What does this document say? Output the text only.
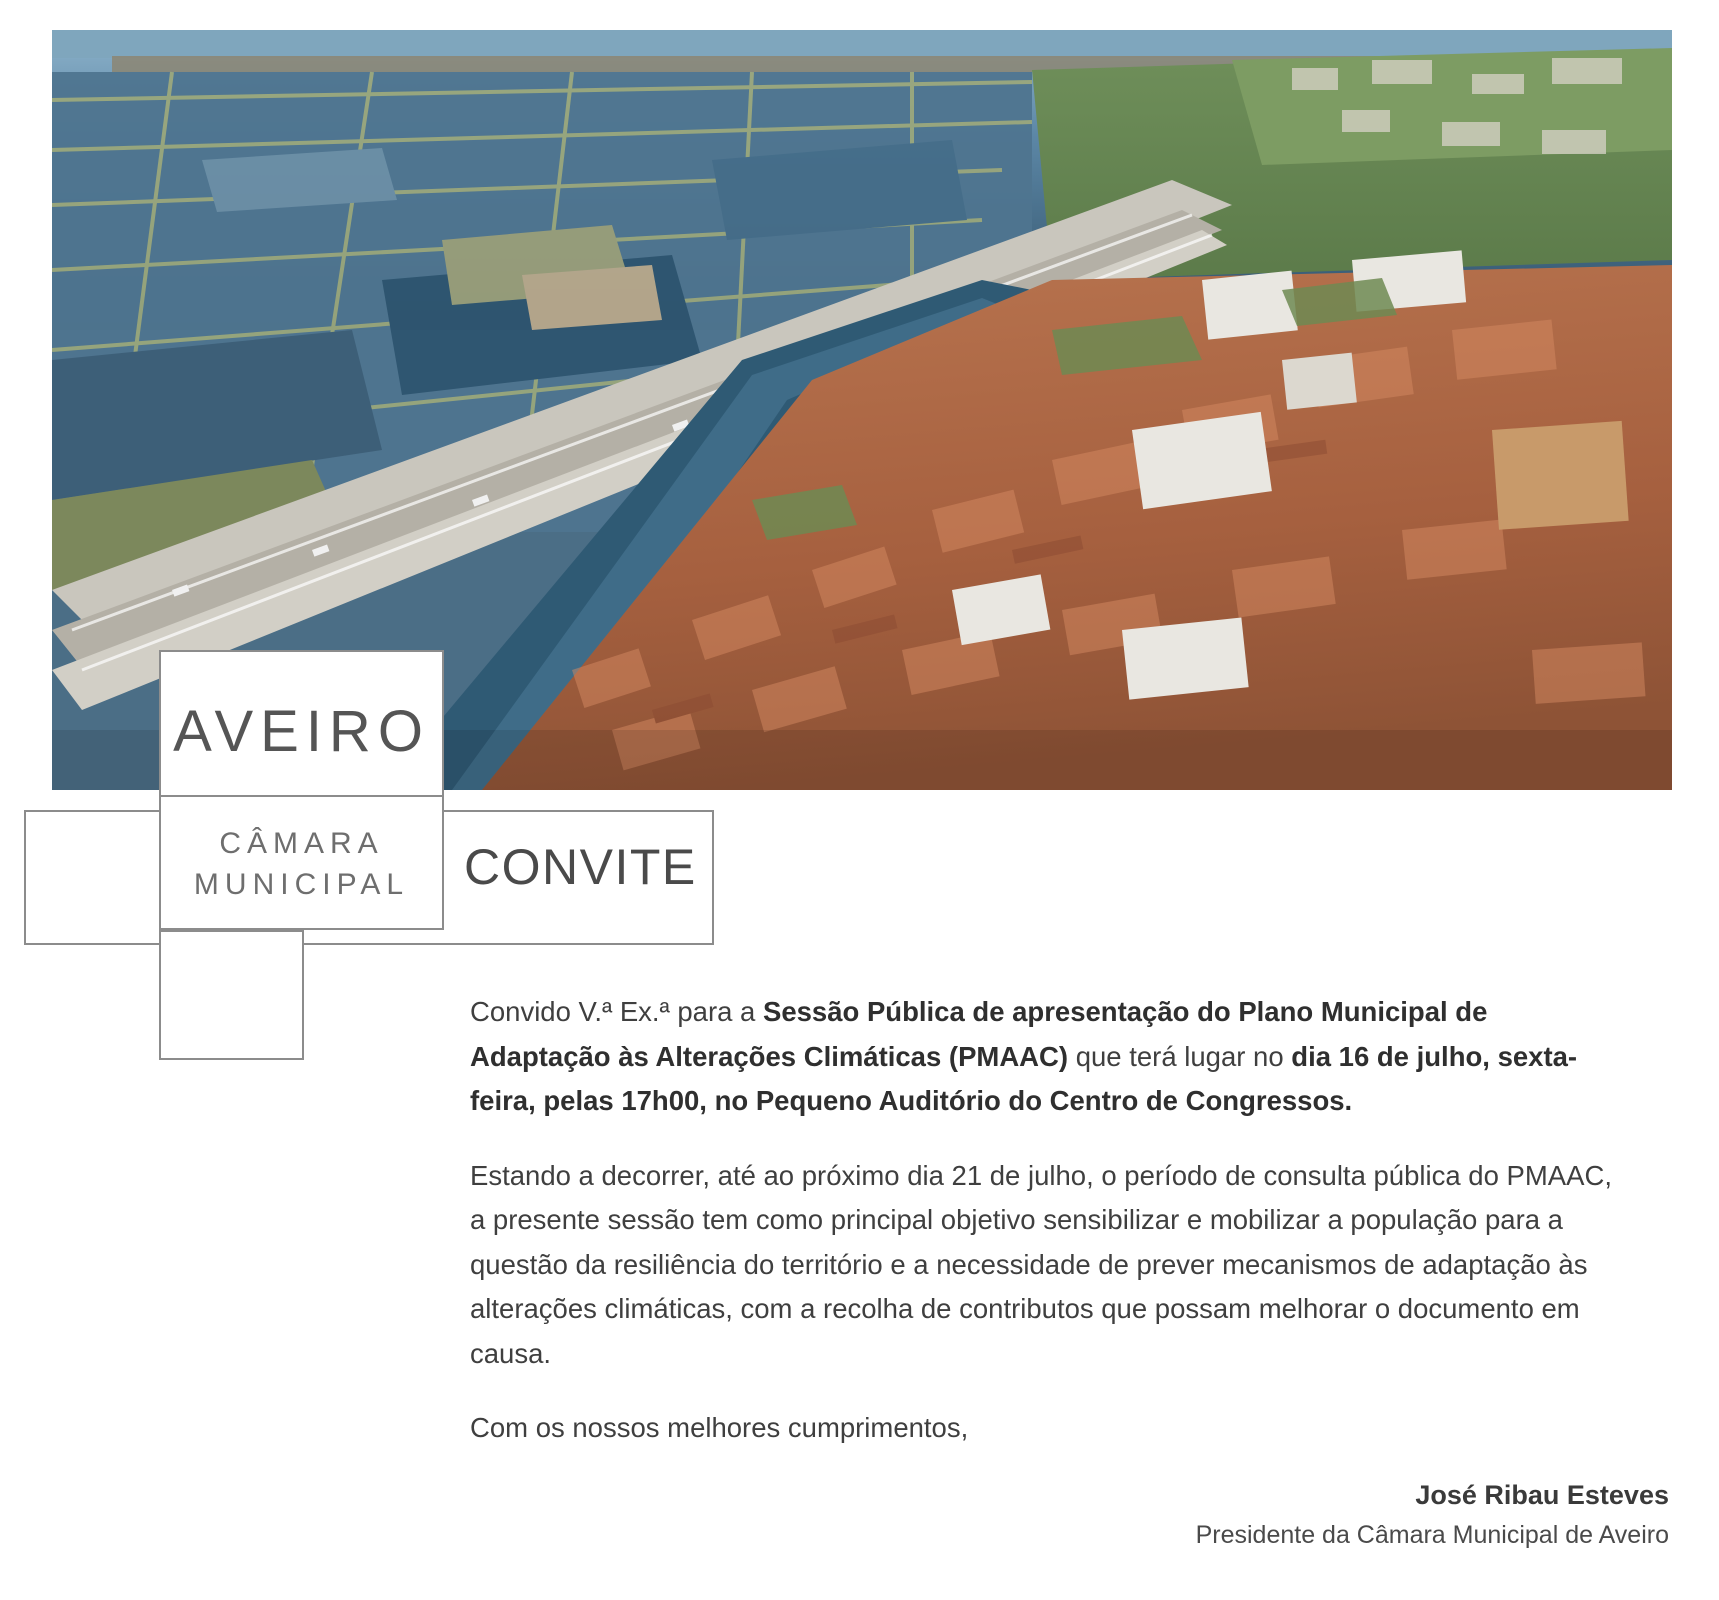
AVEIRO
CÂMARA
MUNICIPAL CONVITE

Convido V.ª Ex.ª para a Sessão Pública de apresentação do Plano Municipal de Adaptação às Alterações Climáticas (PMAAC) que terá lugar no dia 16 de julho, sexta-feira, pelas 17h00, no Pequeno Auditório do Centro de Congressos.

Estando a decorrer, até ao próximo dia 21 de julho, o período de consulta pública do PMAAC, a presente sessão tem como principal objetivo sensibilizar e mobilizar a população para a questão da resiliência do território e a necessidade de prever mecanismos de adaptação às alterações climáticas, com a recolha de contributos que possam melhorar o documento em causa.

Com os nossos melhores cumprimentos,

José Ribau Esteves
Presidente da Câmara Municipal de Aveiro
